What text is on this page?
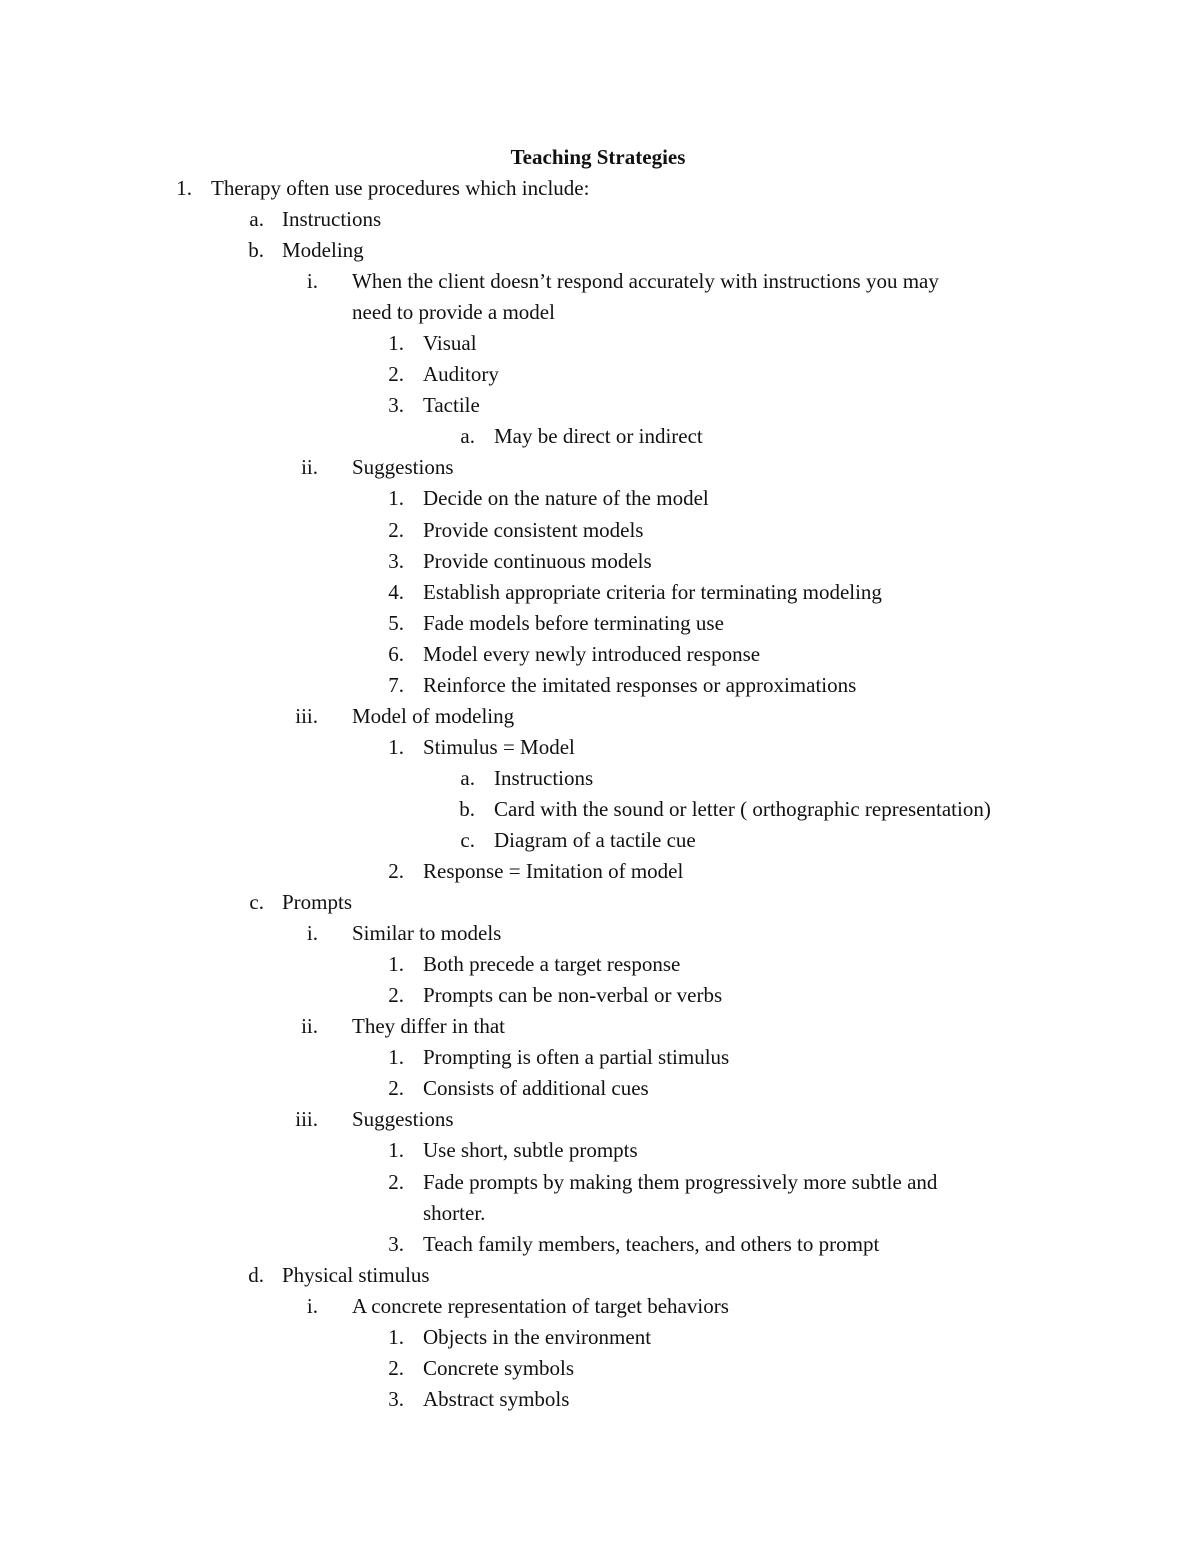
Teaching Strategies
1. Therapy often use procedures which include:
a. Instructions
b. Modeling
i. When the client doesn’t respond accurately with instructions you may
need to provide a model
1. Visual
2. Auditory
3. Tactile
a. May be direct or indirect
ii. Suggestions
1. Decide on the nature of the model
2. Provide consistent models
3. Provide continuous models
4. Establish appropriate criteria for terminating modeling
5. Fade models before terminating use
6. Model every newly introduced response
7. Reinforce the imitated responses or approximations
iii. Model of modeling
1. Stimulus = Model
a. Instructions
b. Card with the sound or letter ( orthographic representation)
c. Diagram of a tactile cue
2. Response = Imitation of model
c. Prompts
i. Similar to models
1. Both precede a target response
2. Prompts can be non-verbal or verbs
ii. They differ in that
1. Prompting is often a partial stimulus
2. Consists of additional cues
iii. Suggestions
1. Use short, subtle prompts
2. Fade prompts by making them progressively more subtle and
shorter.
3. Teach family members, teachers, and others to prompt
d. Physical stimulus
i. A concrete representation of target behaviors
1. Objects in the environment
2. Concrete symbols
3. Abstract symbols
